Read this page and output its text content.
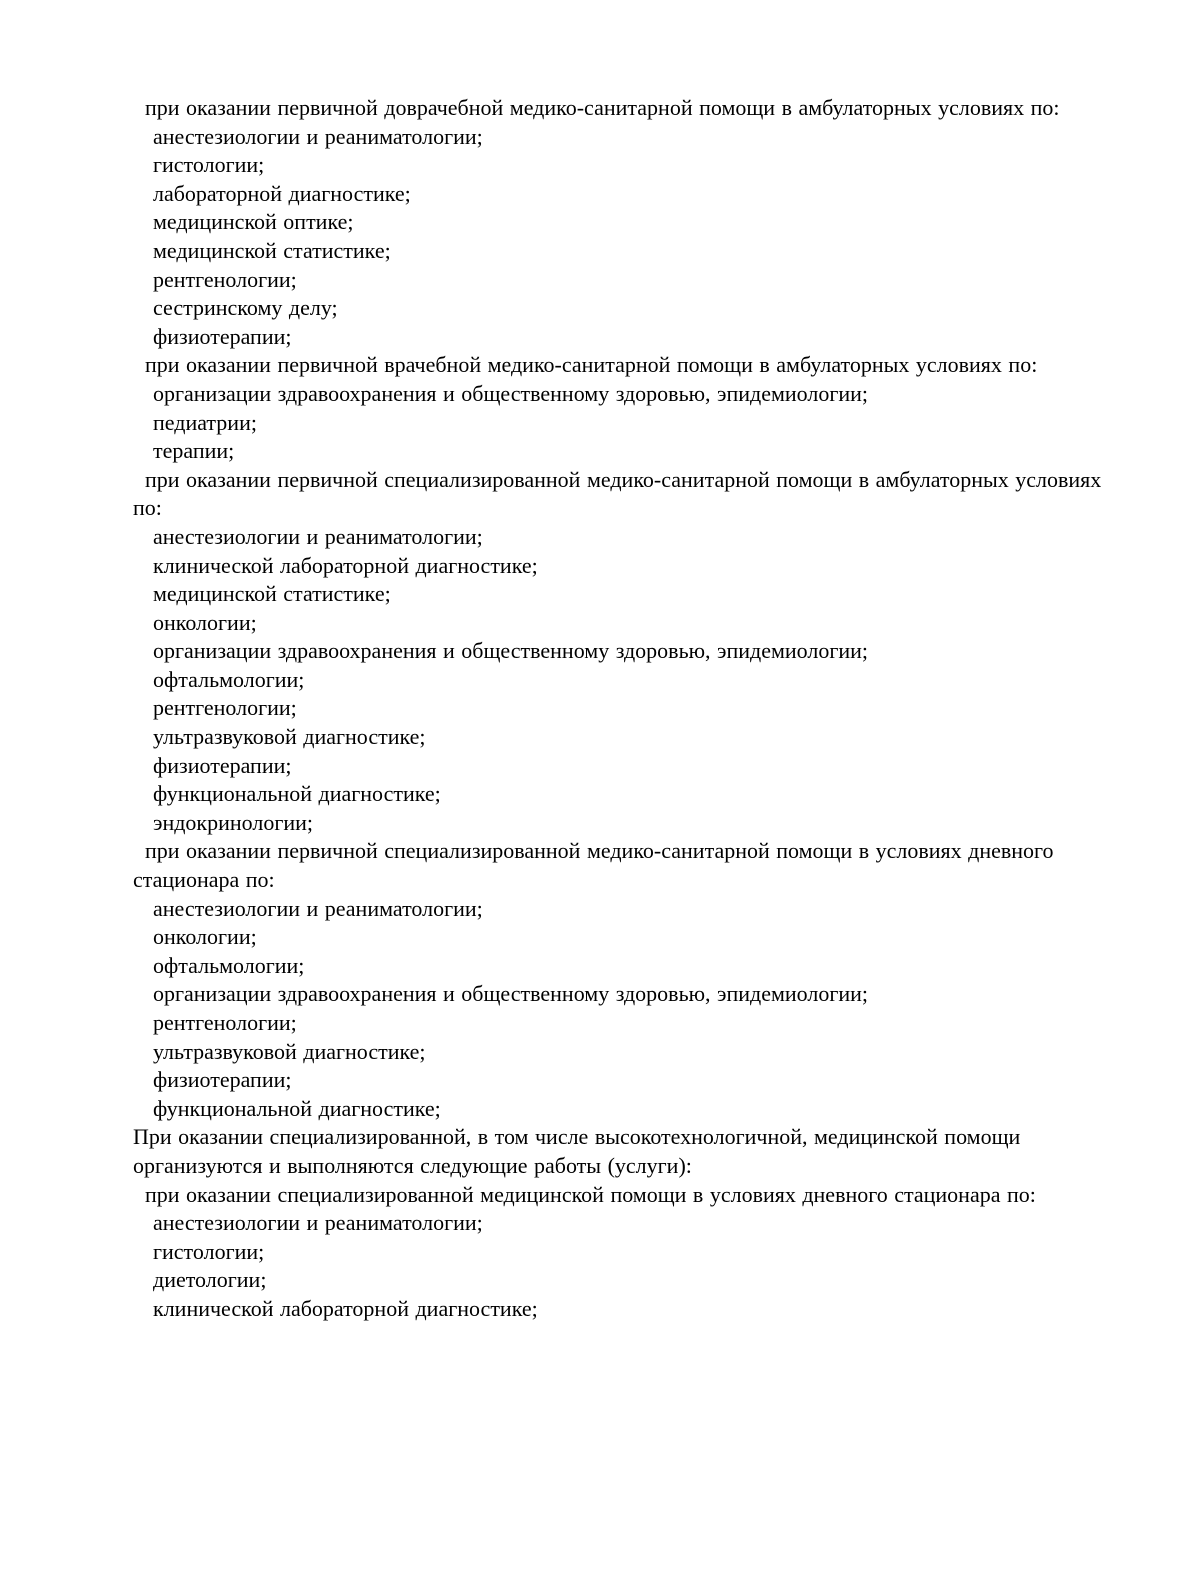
при оказании первичной доврачебной медико-санитарной помощи в амбулаторных условиях по:

анестезиологии и реаниматологии;

гистологии;

лабораторной диагностике;

медицинской оптике;

медицинской статистике;

рентгенологии;

сестринскому делу;

физиотерапии;

при оказании первичной врачебной медико-санитарной помощи в амбулаторных условиях по:

организации здравоохранения и общественному здоровью, эпидемиологии;

педиатрии;

терапии;

при оказании первичной специализированной медико-санитарной помощи в амбулаторных условиях по:

анестезиологии и реаниматологии;

клинической лабораторной диагностике;

медицинской статистике;

онкологии;

организации здравоохранения и общественному здоровью, эпидемиологии;

офтальмологии;

рентгенологии;

ультразвуковой диагностике;

физиотерапии;

функциональной диагностике;

эндокринологии;

при оказании первичной специализированной медико-санитарной помощи в условиях дневного стационара по:

анестезиологии и реаниматологии;

онкологии;

офтальмологии;

организации здравоохранения и общественному здоровью, эпидемиологии;

рентгенологии;

ультразвуковой диагностике;

физиотерапии;

функциональной диагностике;

При оказании специализированной, в том числе высокотехнологичной, медицинской помощи организуются и выполняются следующие работы (услуги):

при оказании специализированной медицинской помощи в условиях дневного стационара по:

анестезиологии и реаниматологии;

гистологии;

диетологии;

клинической лабораторной диагностике;
